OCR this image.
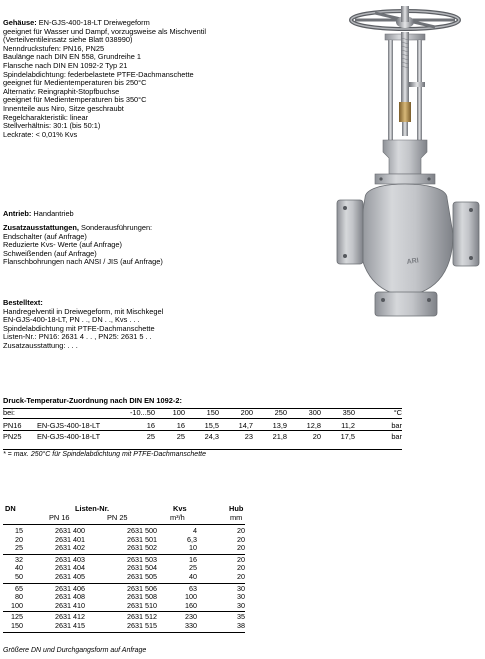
Gehäuse: EN-GJS-400-18-LT Dreiwegeform
geeignet für Wasser und Dampf, vorzugsweise als Mischventil
(Verteilventileinsatz siehe Blatt 038990)
Nenndruckstufen: PN16, PN25
Baulänge nach DIN EN 558, Grundreihe 1
Flansche nach DIN EN 1092-2 Typ 21
Spindelabdichtung: federbelastete PTFE-Dachmanschette
geeignet für Medientemperaturen bis 250°C
Alternativ: Reingraphit-Stopfbuchse
geeignet für Medientemperaturen bis 350°C
Innenteile aus Niro, Sitze geschraubt
Regelcharakteristik: linear
Stellverhältnis: 30:1 (bis 50:1)
Leckrate: < 0,01% Kvs
Antrieb: Handantrieb
Zusatzausstattungen, Sonderausführungen:
Endschalter (auf Anfrage)
Reduzierte Kvs- Werte (auf Anfrage)
Schweißenden (auf Anfrage)
Flanschbohrungen nach ANSI / JIS (auf Anfrage)
Bestelltext:
Handregelventil in Dreiwegeform, mit Mischkegel
EN-GJS-400-18-LT, PN . ., DN . ., Kvs . . .
Spindelabdichtung mit PTFE-Dachmanschette
Listen-Nr.: PN16: 2631 4 . . , PN25: 2631 5 . .
Zusatzausstattung: . . .
ARI
Druck-Temperatur-Zuordnung nach DIN EN 1092-2:
bei:		-10...50	100	150	200	250	300	350	°C

PN16	EN-GJS-400-18-LT	16	16	15,5	14,7	13,9	12,8	11,2	bar

PN25	EN-GJS-400-18-LT	25	25	24,3	23	21,8	20	17,5	bar
* = max. 250°C für Spindelabdichtung mit PTFE-Dachmanschette
DN	Listen-Nr.
PN 16	PN 25
Kvs
m³/h
Hub
mm
15	2631 400	2631 500	4	20
20	2631 401	2631 501	6,3	20
25	2631 402	2631 502	10	20
32	2631 403	2631 503	16	20
40	2631 404	2631 504	25	20
50	2631 405	2631 505	40	20
65	2631 406	2631 506	63	30
80	2631 408	2631 508	100	30
100	2631 410	2631 510	160	30
125	2631 412	2631 512	230	35
150	2631 415	2631 515	330	38
Größere DN und Durchgangsform auf Anfrage
